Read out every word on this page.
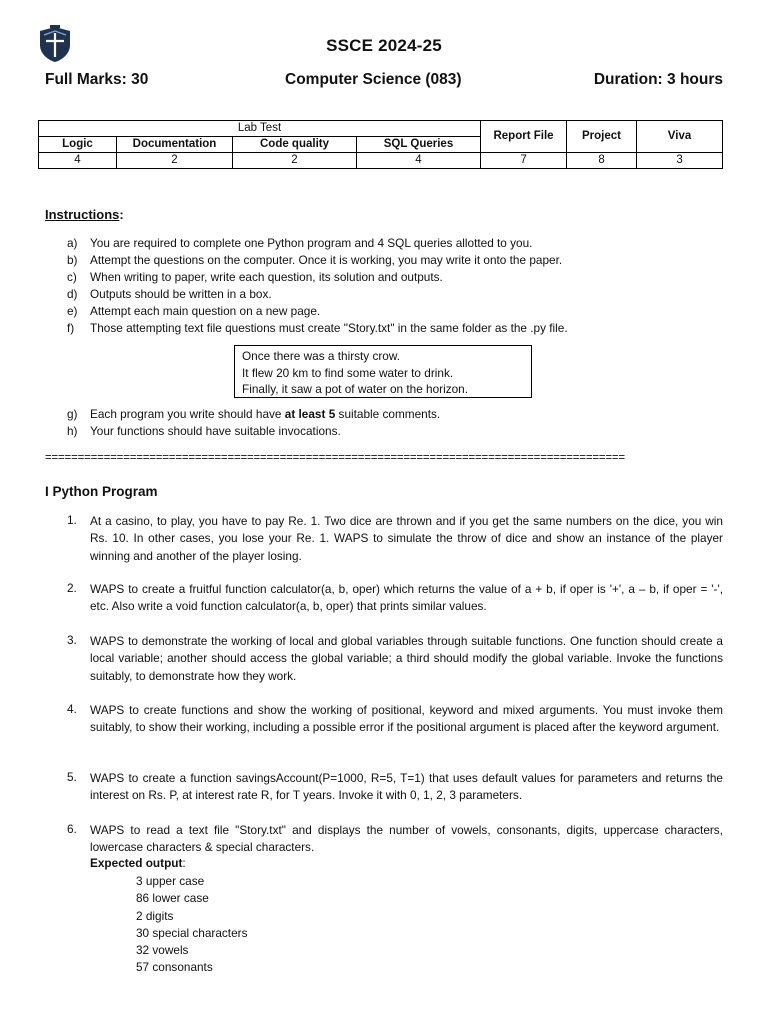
SSCE 2024-25
Full Marks: 30	Computer Science (083)	Duration: 3 hours
Lab Test				Report File	Project	Viva
Logic	Documentation	Code quality	SQL Queries			
4	2	2	4	7	8	3
Instructions:
a) You are required to complete one Python program and 4 SQL queries allotted to you.
b) Attempt the questions on the computer. Once it is working, you may write it onto the paper.
c) When writing to paper, write each question, its solution and outputs.
d) Outputs should be written in a box.
e) Attempt each main question on a new page.
f) Those attempting text file questions must create "Story.txt" in the same folder as the .py file.
Once there was a thirsty crow.
It flew 20 km to find some water to drink.
Finally, it saw a pot of water on the horizon.
g) Each program you write should have at least 5 suitable comments.
h) Your functions should have suitable invocations.
=========================================================================================
I Python Program
1. At a casino, to play, you have to pay Re. 1. Two dice are thrown and if you get the same numbers on the dice, you win Rs. 10. In other cases, you lose your Re. 1. WAPS to simulate the throw of dice and show an instance of the player winning and another of the player losing.
2. WAPS to create a fruitful function calculator(a, b, oper) which returns the value of a + b, if oper is '+', a – b, if oper = '-', etc. Also write a void function calculator(a, b, oper) that prints similar values.
3. WAPS to demonstrate the working of local and global variables through suitable functions. One function should create a local variable; another should access the global variable; a third should modify the global variable. Invoke the functions suitably, to demonstrate how they work.
4. WAPS to create functions and show the working of positional, keyword and mixed arguments. You must invoke them suitably, to show their working, including a possible error if the positional argument is placed after the keyword argument.
5. WAPS to create a function savingsAccount(P=1000, R=5, T=1) that uses default values for parameters and returns the interest on Rs. P, at interest rate R, for T years. Invoke it with 0, 1, 2, 3 parameters.
6. WAPS to read a text file "Story.txt" and displays the number of vowels, consonants, digits, uppercase characters, lowercase characters & special characters.
Expected output:
3 upper case
86 lower case
2 digits
30 special characters
32 vowels
57 consonants
